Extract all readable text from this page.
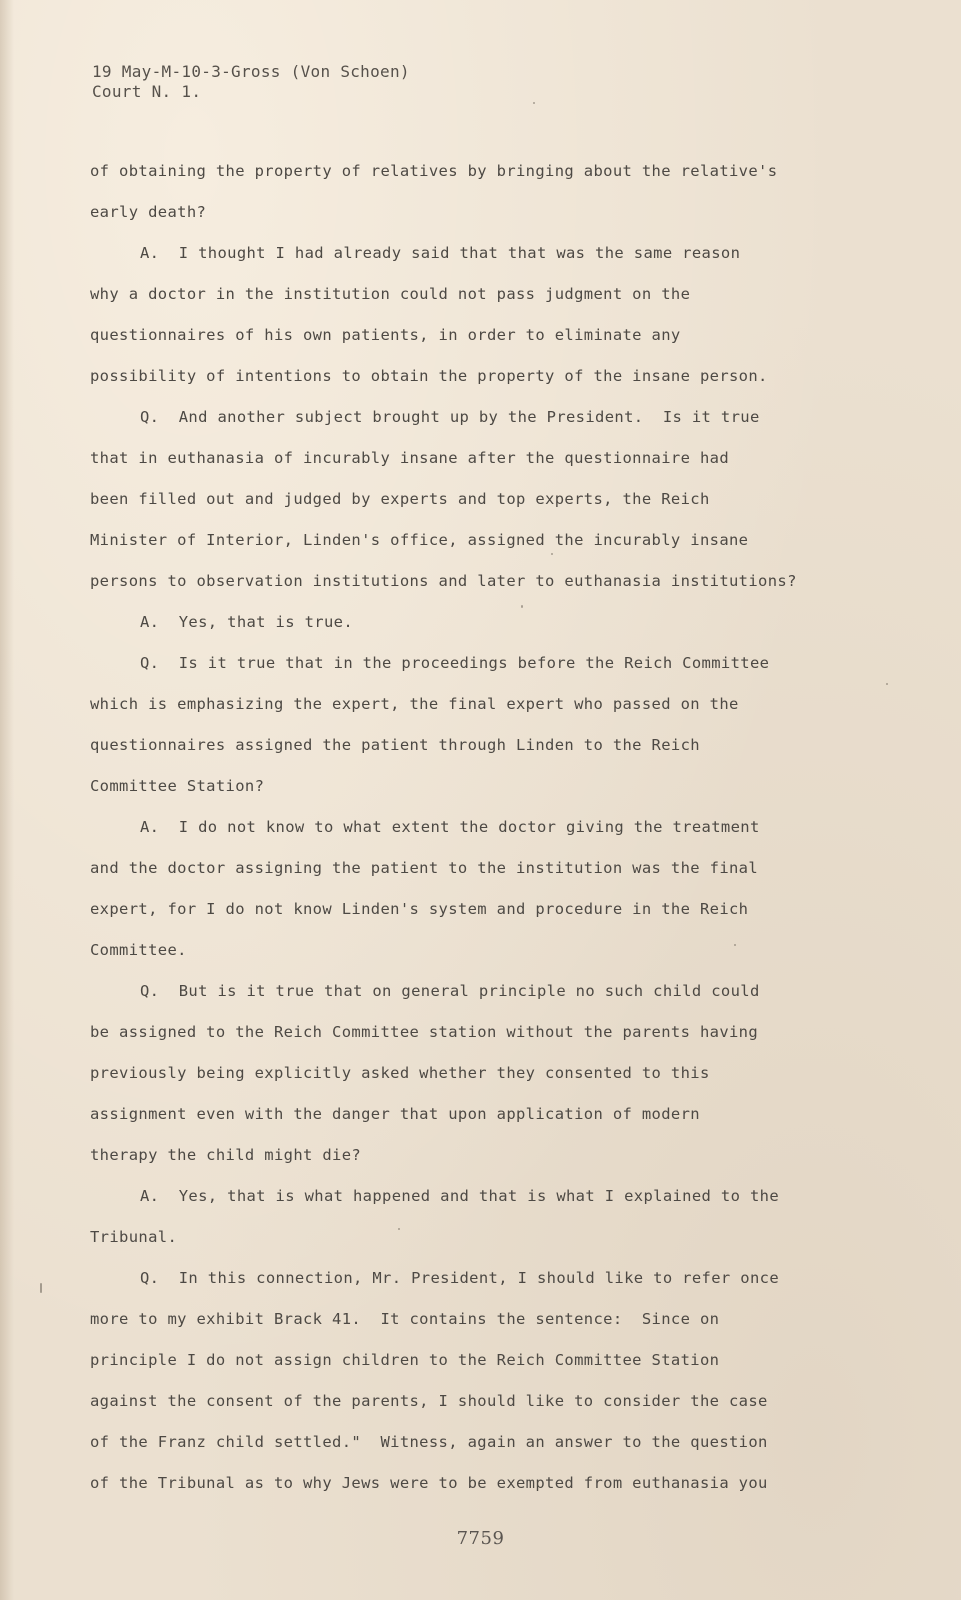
19 May-M-10-3-Gross (Von Schoen)
Court N. 1.
of obtaining the property of relatives by bringing about the relative's
early death?
A.  I thought I had already said that that was the same reason
why a doctor in the institution could not pass judgment on the
questionnaires of his own patients, in order to eliminate any
possibility of intentions to obtain the property of the insane person.
Q.  And another subject brought up by the President.  Is it true
that in euthanasia of incurably insane after the questionnaire had
been filled out and judged by experts and top experts, the Reich
Minister of Interior, Linden's office, assigned the incurably insane
persons to observation institutions and later to euthanasia institutions?
A.  Yes, that is true.
Q.  Is it true that in the proceedings before the Reich Committee
which is emphasizing the expert, the final expert who passed on the
questionnaires assigned the patient through Linden to the Reich
Committee Station?
A.  I do not know to what extent the doctor giving the treatment
and the doctor assigning the patient to the institution was the final
expert, for I do not know Linden's system and procedure in the Reich
Committee.
Q.  But is it true that on general principle no such child could
be assigned to the Reich Committee station without the parents having
previously being explicitly asked whether they consented to this
assignment even with the danger that upon application of modern
therapy the child might die?
A.  Yes, that is what happened and that is what I explained to the
Tribunal.
Q.  In this connection, Mr. President, I should like to refer once
more to my exhibit Brack 41.  It contains the sentence:  Since on
principle I do not assign children to the Reich Committee Station
against the consent of the parents, I should like to consider the case
of the Franz child settled."  Witness, again an answer to the question
of the Tribunal as to why Jews were to be exempted from euthanasia you
7759
